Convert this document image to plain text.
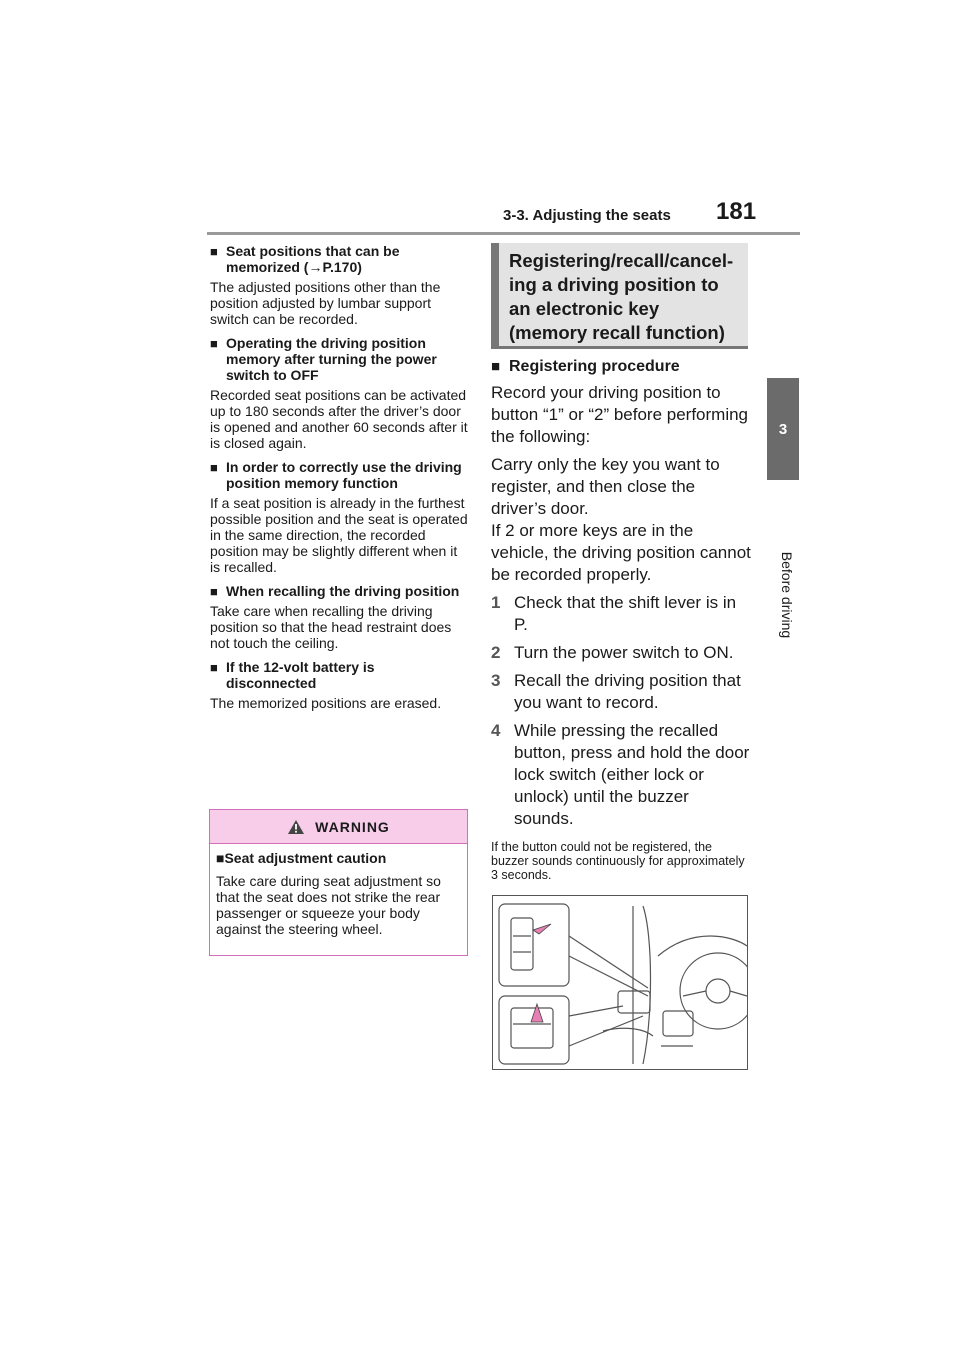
3-3. Adjusting the seats 181
3
Before driving
■ Seat positions that can be memorized (→P.170)
The adjusted positions other than the position adjusted by lumbar support switch can be recorded.
■ Operating the driving position memory after turning the power switch to OFF
Recorded seat positions can be activated up to 180 seconds after the driver’s door is opened and another 60 seconds after it is closed again.
■ In order to correctly use the driving position memory function
If a seat position is already in the furthest possible position and the seat is operated in the same direction, the recorded position may be slightly different when it is recalled.
■ When recalling the driving position
Take care when recalling the driving position so that the head restraint does not touch the ceiling.
■ If the 12-volt battery is disconnected
The memorized positions are erased.
WARNING
■Seat adjustment caution
Take care during seat adjustment so that the seat does not strike the rear passenger or squeeze your body against the steering wheel.
Registering/recall/cancel-ing a driving position to an electronic key (memory recall function)
■ Registering procedure
Record your driving position to button “1” or “2” before performing the following:
Carry only the key you want to register, and then close the driver’s door.
If 2 or more keys are in the vehicle, the driving position cannot be recorded properly.
1 Check that the shift lever is in P.
2 Turn the power switch to ON.
3 Recall the driving position that you want to record.
4 While pressing the recalled button, press and hold the door lock switch (either lock or unlock) until the buzzer sounds.
If the button could not be registered, the buzzer sounds continuously for approximately 3 seconds.
